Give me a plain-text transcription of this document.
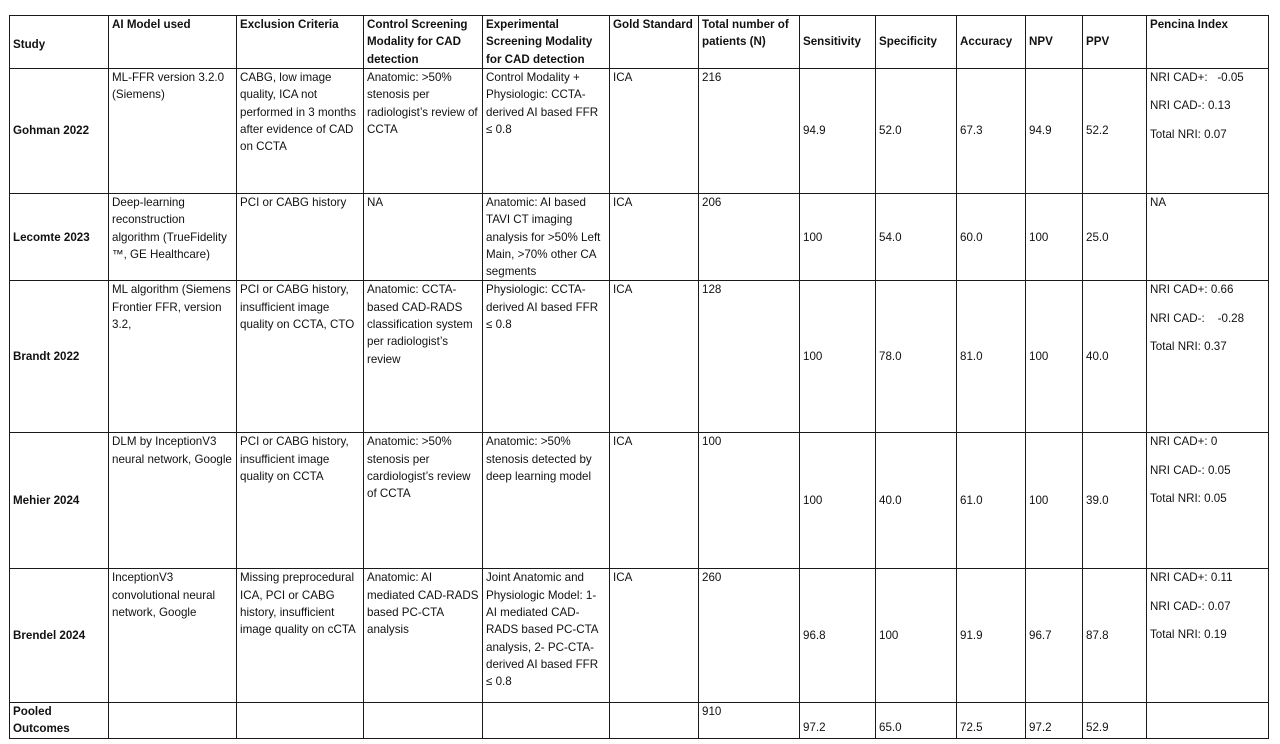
Study	AI Model used	Exclusion Criteria	Control Screening Modality for CAD detection	Experimental Screening Modality for CAD detection	Gold Standard	Total number of patients (N)	Sensitivity	Specificity	Accuracy	NPV	PPV	Pencina Index
Gohman 2022	ML-FFR version 3.2.0 (Siemens)	CABG, low image quality, ICA not performed in 3 months after evidence of CAD on CCTA	Anatomic: >50% stenosis per radiologist’s review of CCTA	Control Modality + Physiologic: CCTA-derived AI based FFR ≤ 0.8	ICA	216	94.9	52.0	67.3	94.9	52.2	NRI CAD+:   -0.05
NRI CAD-: 0.13
Total NRI: 0.07

Lecomte 2023	Deep-learning reconstruction algorithm (TrueFidelity ™, GE Healthcare)	PCI or CABG history	NA	Anatomic: AI based TAVI CT imaging analysis for >50% Left Main, >70% other CA segments	ICA	206	100	54.0	60.0	100	25.0	NA

Brandt 2022	ML algorithm (Siemens Frontier FFR, version 3.2,	PCI or CABG history, insufficient image quality on CCTA, CTO	Anatomic: CCTA-based CAD-RADS classification system per radiologist’s review	Physiologic: CCTA-derived AI based FFR ≤ 0.8	ICA	128	100	78.0	81.0	100	40.0	NRI CAD+: 0.66
NRI CAD-:    -0.28
Total NRI: 0.37

Mehier 2024	DLM by InceptionV3 neural network, Google	PCI or CABG history, insufficient image quality on CCTA	Anatomic: >50% stenosis per cardiologist’s review of CCTA	Anatomic: >50% stenosis detected by deep learning model	ICA	100	100	40.0	61.0	100	39.0	NRI CAD+: 0
NRI CAD-: 0.05
Total NRI: 0.05

Brendel 2024	InceptionV3 convolutional neural network, Google	Missing preprocedural ICA, PCI or CABG history, insufficient image quality on cCTA	Anatomic: AI mediated CAD-RADS based PC-CTA analysis	Joint Anatomic and Physiologic Model: 1- AI mediated CAD-RADS based PC-CTA analysis, 2- PC-CTA-derived AI based FFR ≤ 0.8	ICA	260	96.8	100	91.9	96.7	87.8	NRI CAD+: 0.11
NRI CAD-: 0.07
Total NRI: 0.19

Pooled Outcomes						910	97.2	65.0	72.5	97.2	52.9	
